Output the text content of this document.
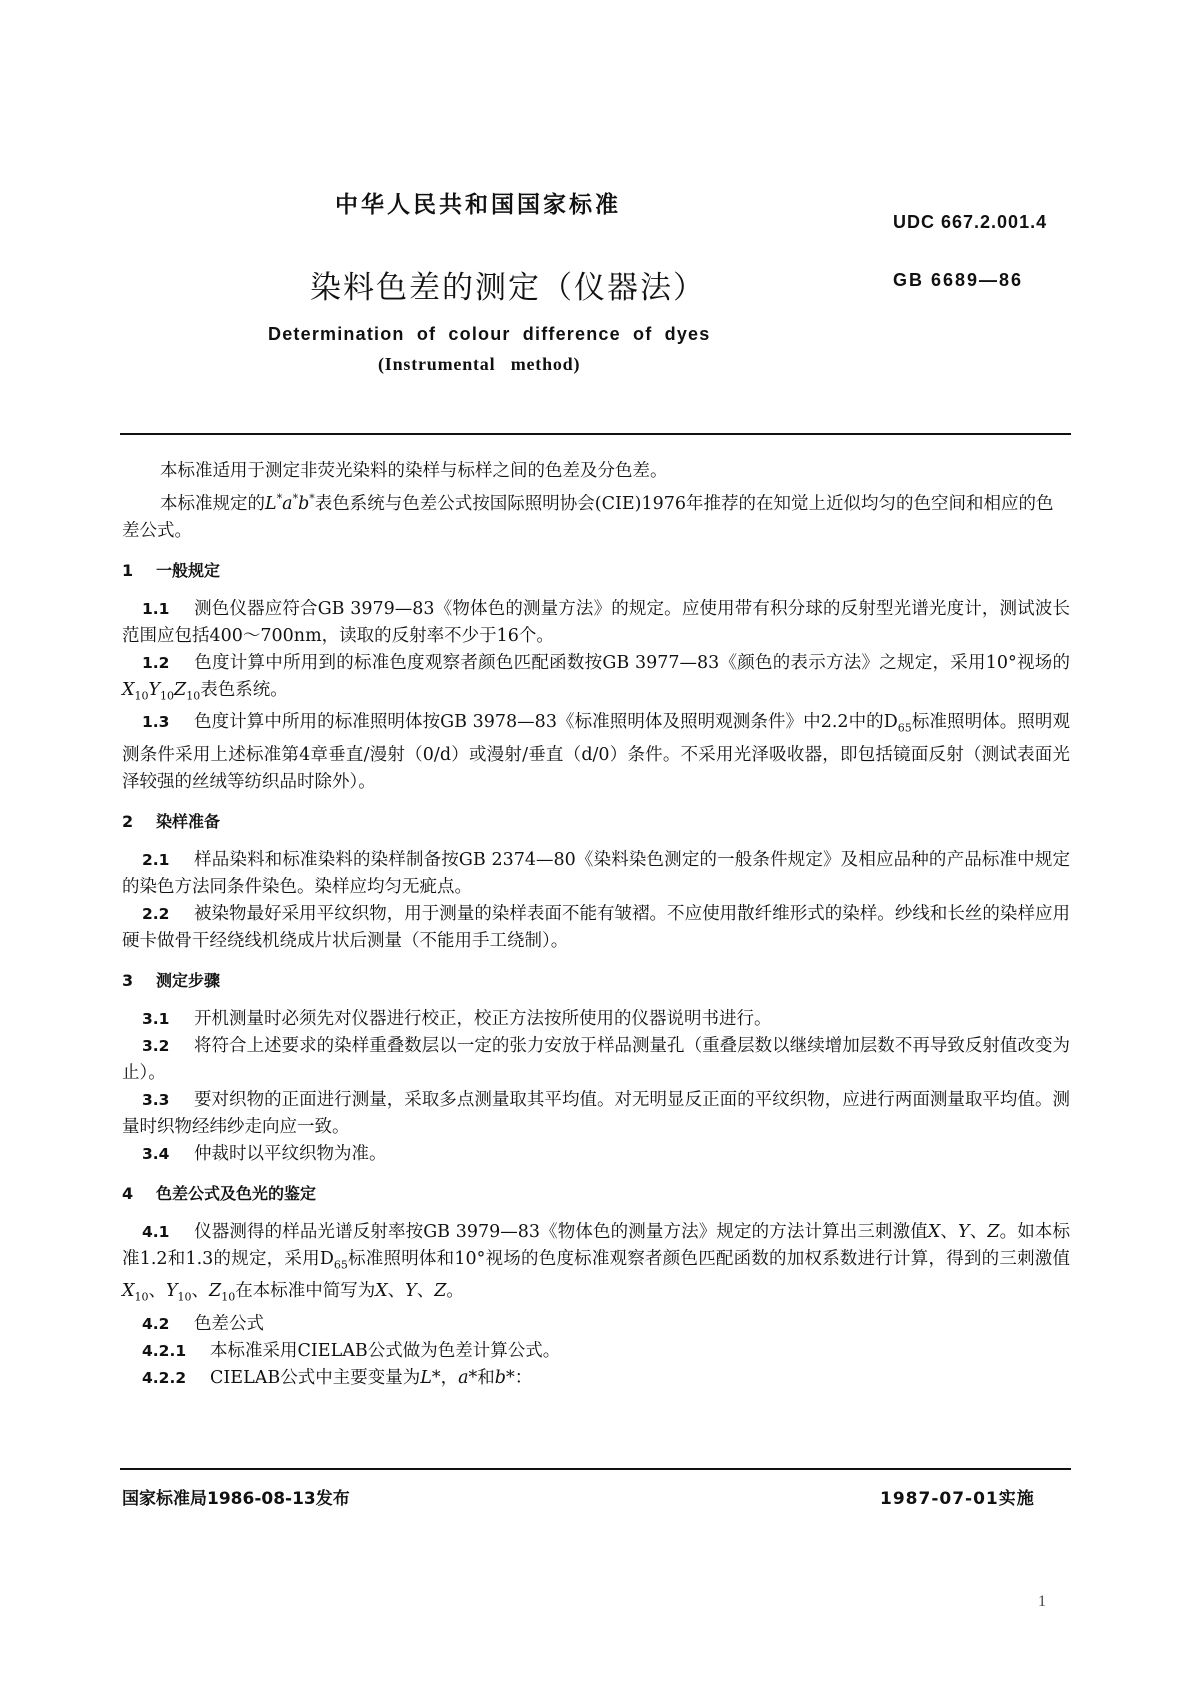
中华人民共和国国家标准
UDC 667.2.001.4
染料色差的测定（仪器法）	GB 6689—86
Determination of colour difference of dyes
(Instrumental method)

本标准适用于测定非荧光染料的染样与标样之间的色差及分色差。

本标准规定的L*a*b*表色系统与色差公式按国际照明协会(CIE)1976年推荐的在知觉上近似均匀的色空间和相应的色差公式。

1 一般规定

1.1 测色仪器应符合GB 3979—83《物体色的测量方法》的规定。应使用带有积分球的反射型光谱光度计，测试波长范围应包括400～700nm，读取的反射率不少于16个。

1.2 色度计算中所用到的标准色度观察者颜色匹配函数按GB 3977—83《颜色的表示方法》之规定，采用10°视场的$X_{10}Y_{10}Z_{10}$表色系统。

1.3 色度计算中所用的标准照明体按GB 3978—83《标准照明体及照明观测条件》中2.2中的$D_{65}$标准照明体。照明观测条件采用上述标准第4章垂直/漫射（0/d）或漫射/垂直（d/0）条件。不采用光泽吸收器，即包括镜面反射（测试表面光泽较强的丝绒等纺织品时除外）。

2 染样准备

2.1 样品染料和标准染料的染样制备按GB 2374—80《染料染色测定的一般条件规定》及相应品种的产品标准中规定的染色方法同条件染色。染样应均匀无疵点。

2.2 被染物最好采用平纹织物，用于测量的染样表面不能有皱褶。不应使用散纤维形式的染样。纱线和长丝的染样应用硬卡做骨干经绕线机绕成片状后测量（不能用手工绕制）。

3 测定步骤

3.1 开机测量时必须先对仪器进行校正，校正方法按所使用的仪器说明书进行。

3.2 将符合上述要求的染样重叠数层以一定的张力安放于样品测量孔（重叠层数以继续增加层数不再导致反射值改变为止）。

3.3 要对织物的正面进行测量，采取多点测量取其平均值。对无明显反正面的平纹织物，应进行两面测量取平均值。测量时织物经纬纱走向应一致。

3.4 仲裁时以平纹织物为准。

4 色差公式及色光的鉴定

4.1 仪器测得的样品光谱反射率按GB 3979—83《物体色的测量方法》规定的方法计算出三刺激值X、Y、Z。如本标准1.2和1.3的规定，采用$D_{65}$标准照明体和10°视场的色度标准观察者颜色匹配函数的加权系数进行计算，得到的三刺激值$X_{10}$、$Y_{10}$、$Z_{10}$在本标准中简写为X、Y、Z。

4.2 色差公式

4.2.1 本标准采用CIELAB公式做为色差计算公式。

4.2.2 CIELAB公式中主要变量为L*，a*和b*：

国家标准局1986-08-13发布	1987-07-01实施
1
